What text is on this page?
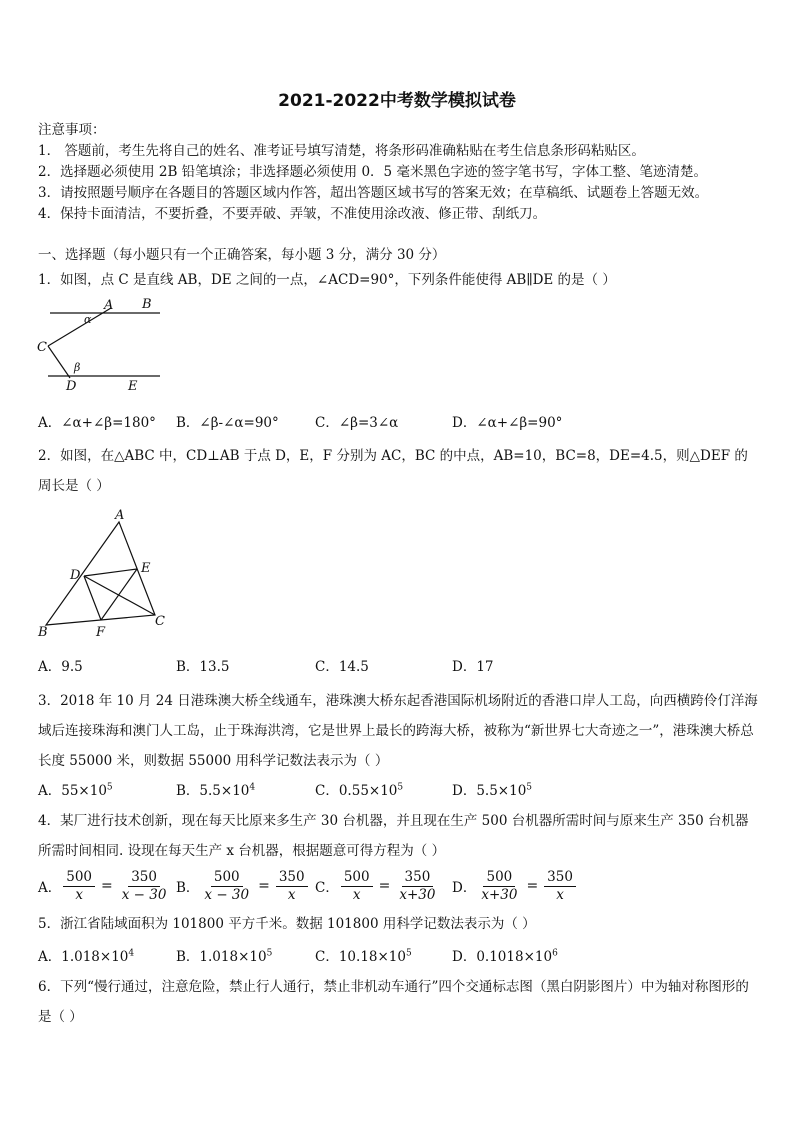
2021-2022中考数学模拟试卷
注意事项：
1． 答题前，考生先将自己的姓名、准考证号填写清楚，将条形码准确粘贴在考生信息条形码粘贴区。
2．选择题必须使用 2B 铅笔填涂；非选择题必须使用 0．5 毫米黑色字迹的签字笔书写，字体工整、笔迹清楚。
3．请按照题号顺序在各题目的答题区域内作答，超出答题区域书写的答案无效；在草稿纸、试题卷上答题无效。
4．保持卡面清洁，不要折叠，不要弄破、弄皱，不准使用涂改液、修正带、刮纸刀。
一、选择题（每小题只有一个正确答案，每小题 3 分，满分 30 分）
1．如图，点 C 是直线 AB，DE 之间的一点，∠ACD=90°，下列条件能使得 AB∥DE 的是（ ）
A B
C
D	E
α
β
A．∠α+∠β=180° B．∠β-∠α=90°	C．∠β=3∠α	D．∠α+∠β=90°
2．如图，在△ABC 中，CD⊥AB 于点 D，E，F 分别为 AC，BC 的中点，AB=10，BC=8，DE=4.5，则△DEF 的周长是（ ）
A
D	E
B	F
C
A．9.5	B．13.5	C．14.5	D．17
3．2018 年 10 月 24 日港珠澳大桥全线通车，港珠澳大桥东起香港国际机场附近的香港口岸人工岛，向西横跨伶仃洋海域后连接珠海和澳门人工岛，止于珠海洪湾，它是世界上最长的跨海大桥，被称为“新世界七大奇迹之一”，港珠澳大桥总长度 55000 米，则数据 55000 用科学记数法表示为（ ）
A．$55\times 10^5$	B．$5.5\times 10^4$	C．$0.55\times 10^5$	D．$5.5\times 10^5$
4．某厂进行技术创新，现在每天比原来多生产 30 台机器，并且现在生产 500 台机器所需时间与原来生产 350 台机器所需时间相同. 设现在每天生产 x 台机器，根据题意可得方程为（ ）
A． $\frac{500}{x} = \frac{350}{x - 30}$ B． $\frac{500}{x - 30} = \frac{350}{x}$ C． $\frac{500}{x} = \frac{350}{x+30}$ D． $\frac{500}{x+30} = \frac{350}{x}$
5．浙江省陆域面积为 101800 平方千米。数据 101800 用科学记数法表示为（ ）
A．$1.018\times 10^4$	B．$1.018\times 10^5$	C．$10.18\times 10^5$	D．$0.1018\times 10^6$
6．下列“慢行通过，注意危险，禁止行人通行，禁止非机动车通行”四个交通标志图（黑白阴影图片）中为轴对称图形的是（ ）
